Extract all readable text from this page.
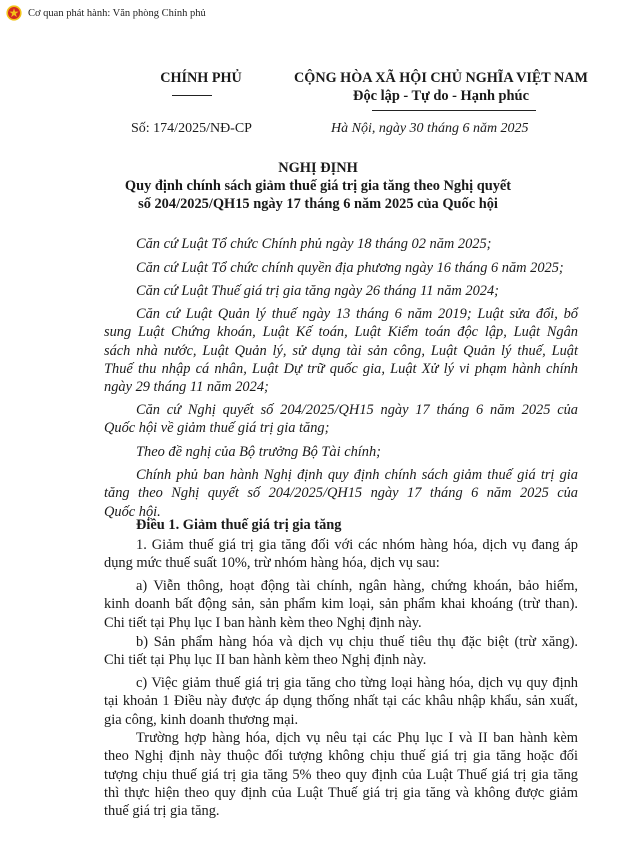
Cơ quan phát hành: Văn phòng Chính phủ
CHÍNH PHỦ	CỘNG HÒA XÃ HỘI CHỦ NGHĨA VIỆT NAM
Độc lập - Tự do - Hạnh phúc
Số: 174/2025/NĐ-CP	Hà Nội, ngày 30 tháng 6 năm 2025
NGHỊ ĐỊNH
Quy định chính sách giảm thuế giá trị gia tăng theo Nghị quyết
số 204/2025/QH15 ngày 17 tháng 6 năm 2025 của Quốc hội
Căn cứ Luật Tổ chức Chính phủ ngày 18 tháng 02 năm 2025;
Căn cứ Luật Tổ chức chính quyền địa phương ngày 16 tháng 6 năm 2025;
Căn cứ Luật Thuế giá trị gia tăng ngày 26 tháng 11 năm 2024;
Căn cứ Luật Quản lý thuế ngày 13 tháng 6 năm 2019; Luật sửa đổi, bổ
sung Luật Chứng khoán, Luật Kế toán, Luật Kiểm toán độc lập, Luật Ngân
sách nhà nước, Luật Quản lý, sử dụng tài sản công, Luật Quản lý thuế, Luật
Thuế thu nhập cá nhân, Luật Dự trữ quốc gia, Luật Xử lý vi phạm hành chính
ngày 29 tháng 11 năm 2024;
Căn cứ Nghị quyết số 204/2025/QH15 ngày 17 tháng 6 năm 2025 của
Quốc hội về giảm thuế giá trị gia tăng;
Theo đề nghị của Bộ trưởng Bộ Tài chính;
Chính phủ ban hành Nghị định quy định chính sách giảm thuế giá trị gia
tăng theo Nghị quyết số 204/2025/QH15 ngày 17 tháng 6 năm 2025 của
Quốc hội.
Điều 1. Giảm thuế giá trị gia tăng
1. Giảm thuế giá trị gia tăng đối với các nhóm hàng hóa, dịch vụ đang áp
dụng mức thuế suất 10%, trừ nhóm hàng hóa, dịch vụ sau:
a) Viễn thông, hoạt động tài chính, ngân hàng, chứng khoán, bảo hiểm,
kinh doanh bất động sản, sản phẩm kim loại, sản phẩm khai khoáng (trừ than).
Chi tiết tại Phụ lục I ban hành kèm theo Nghị định này.
b) Sản phẩm hàng hóa và dịch vụ chịu thuế tiêu thụ đặc biệt (trừ xăng).
Chi tiết tại Phụ lục II ban hành kèm theo Nghị định này.
c) Việc giảm thuế giá trị gia tăng cho từng loại hàng hóa, dịch vụ quy định
tại khoản 1 Điều này được áp dụng thống nhất tại các khâu nhập khẩu, sản xuất,
gia công, kinh doanh thương mại.
Trường hợp hàng hóa, dịch vụ nêu tại các Phụ lục I và II ban hành kèm
theo Nghị định này thuộc đối tượng không chịu thuế giá trị gia tăng hoặc đối
tượng chịu thuế giá trị gia tăng 5% theo quy định của Luật Thuế giá trị gia tăng
thì thực hiện theo quy định của Luật Thuế giá trị gia tăng và không được giảm
thuế giá trị gia tăng.
